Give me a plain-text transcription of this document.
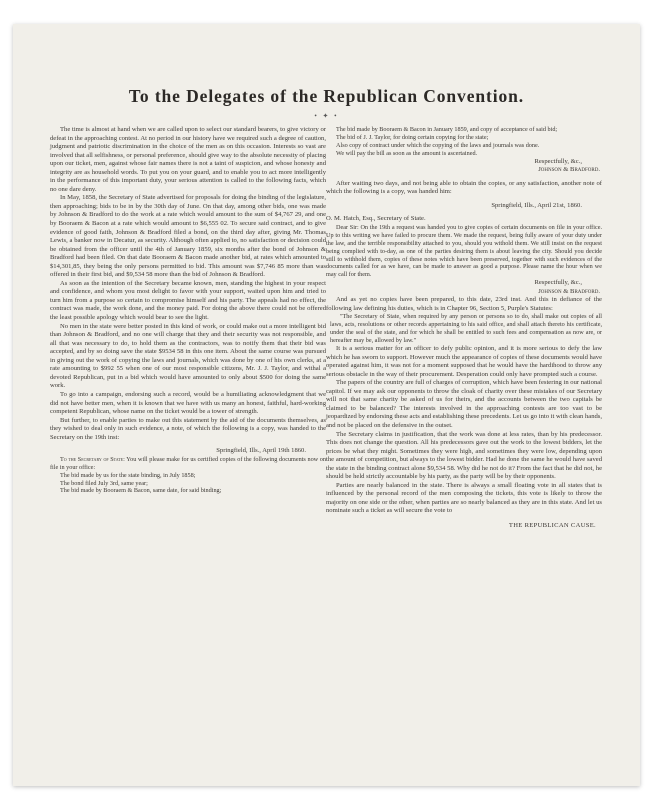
To the Delegates of the Republican Convention.
• ✦ •

The time is almost at hand when we are called upon to select our standard bearers, to give victory or defeat in the approaching contest. At no period in our history have we required such a degree of caution, judgment and patriotic discrimination in the choice of the men as on this occasion. Interests so vast are involved that all selfishness, or personal preference, should give way to the absolute necessity of placing upon our ticket, men, against whose fair names there is not a taint of suspicion, and whose honesty and integrity are as household words. To put you on your guard, and to enable you to act more intelligently in the performance of this important duty, your serious attention is called to the following facts, which no one dare deny.

In May, 1858, the Secretary of State advertised for proposals for doing the binding of the legislature, then approaching; bids to be in by the 30th day of June. On that day, among other bids, one was made by Johnson & Bradford to do the work at a rate which would amount to the sum of $4,767 29, and one by Booraem & Bacon at a rate which would amount to $6,555 02. To secure said contract, and to give evidence of good faith, Johnson & Bradford filed a bond, on the third day after, giving Mr. Thomas Lewis, a banker now in Decatur, as security. Although often applied to, no satisfaction or decision could be obtained from the officer until the 4th of January 1859, six months after the bond of Johnson & Bradford had been filed. On that date Booraem & Bacon made another bid, at rates which amounted to $14,301,85, they being the only persons permitted to bid. This amount was $7,746 85 more than was offered in their first bid, and $9,534 58 more than the bid of Johnson & Bradford.

As soon as the intention of the Secretary became known, men, standing the highest in your respect and confidence, and whom you most delight to favor with your support, waited upon him and tried to turn him from a purpose so certain to compromise himself and his party. The appeals had no effect, the contract was made, the work done, and the money paid. For doing the above there could not be offered the least possible apology which would bear to see the light.

No men in the state were better posted in this kind of work, or could make out a more intelligent bid than Johnson & Bradford, and no one will charge that they and their security was not responsible, and all that was necessary to do, to hold them as the contractors, was to notify them that their bid was accepted, and by so doing save the state $9534 58 in this one item. About the same course was pursued in giving out the work of copying the laws and journals, which was done by one of his own clerks, at a rate amounting to $992 55 when one of our most responsible citizens, Mr. J. J. Taylor, and withal a devoted Republican, put in a bid which would have amounted to only about $500 for doing the same work.

To go into a campaign, endorsing such a record, would be a humiliating acknowledgment that we did not have better men, when it is known that we have with us many an honest, faithful, hard-working competent Republican, whose name on the ticket would be a tower of strength.

But further, to enable parties to make out this statement by the aid of the documents themselves, as they wished to deal only in such evidence, a note, of which the following is a copy, was handed to the Secretary on the 19th inst:

Springfield, Ills., April 19th 1860.

To the Secretary of State: You will please make for us certified copies of the following documents now on file in your office:

The bid made by us for the state binding, in July 1858;

The bond filed July 3rd, same year;

The bid made by Booraem & Bacon, same date, for said binding;

The bid made by Booraem & Bacon in January 1859, and copy of acceptance of said bid;

The bid of J. J. Taylor, for doing certain copying for the state;

Also copy of contract under which the copying of the laws and journals was done.

We will pay the bill as soon as the amount is ascertained.

Respectfully, &c.,

Johnson & Bradford.

After waiting two days, and not being able to obtain the copies, or any satisfaction, another note of which the following is a copy, was handed him:

Springfield, Ills., April 21st, 1860.

O. M. Hatch, Esq., Secretary of State.

Dear Sir: On the 19th a request was handed you to give copies of certain documents on file in your office. Up to this writing we have failed to procure them. We made the request, being fully aware of your duty under the law, and the terrible responsibility attached to you, should you withold them. We still insist on the request being complied with to-day, as one of the parties desiring them is about leaving the city. Should you decide still to withhold them, copies of these notes which have been preserved, together with such evidences of the documents called for as we have, can be made to answer as good a purpose. Please name the hour when we may call for them.

Respectfully, &c.,

Johnson & Bradford.

And as yet no copies have been prepared, to this date, 23rd inst. And this in defiance of the following law defining his duties, which is in Chapter 96, Section 5, Purple's Statutes:

"The Secretary of State, when required by any person or persons so to do, shall make out copies of all laws, acts, resolutions or other records appertaining to his said office, and shall attach thereto his certificate, under the seal of the state, and for which he shall be entitled to such fees and compensation as now are, or hereafter may be, allowed by law."

It is a serious matter for an officer to defy public opinion, and it is more serious to defy the law which he has sworn to support. However much the appearance of copies of these documents would have operated against him, it was not for a moment supposed that he would have the hardihood to throw any serious obstacle in the way of their procurement. Desperation could only have prompted such a course.

The papers of the country are full of charges of corruption, which have been festering in our national capitol. If we may ask our opponents to throw the cloak of charity over these mistakes of our Secretary will not that same charity be asked of us for theirs, and the accounts between the two capitals be claimed to be balanced? The interests involved in the approaching contests are too vast to be jeopardized by endorsing these acts and establishing these precedents. Let us go into it with clean hands, and not be placed on the defensive in the outset.

The Secretary claims in justification, that the work was done at less rates, than by his predecessor. This does not change the question. All his predecessors gave out the work to the lowest bidders, let the prices be what they might. Sometimes they were high, and sometimes they were low, depending upon the amount of competition, but always to the lowest bidder. Had he done the same he would have saved the state in the binding contract alone $9,534 58. Why did he not do it? From the fact that he did not, he should be held strictly accountable by his party, as the party will be by their opponents.

Parties are nearly balanced in the state. There is always a small floating vote in all states that is influenced by the personal record of the men composing the tickets, this vote is likely to throw the majority on one side or the other, when parties are so nearly balanced as they are in this state. And let us nominate such a ticket as will secure the vote to

THE REPUBLICAN CAUSE.
